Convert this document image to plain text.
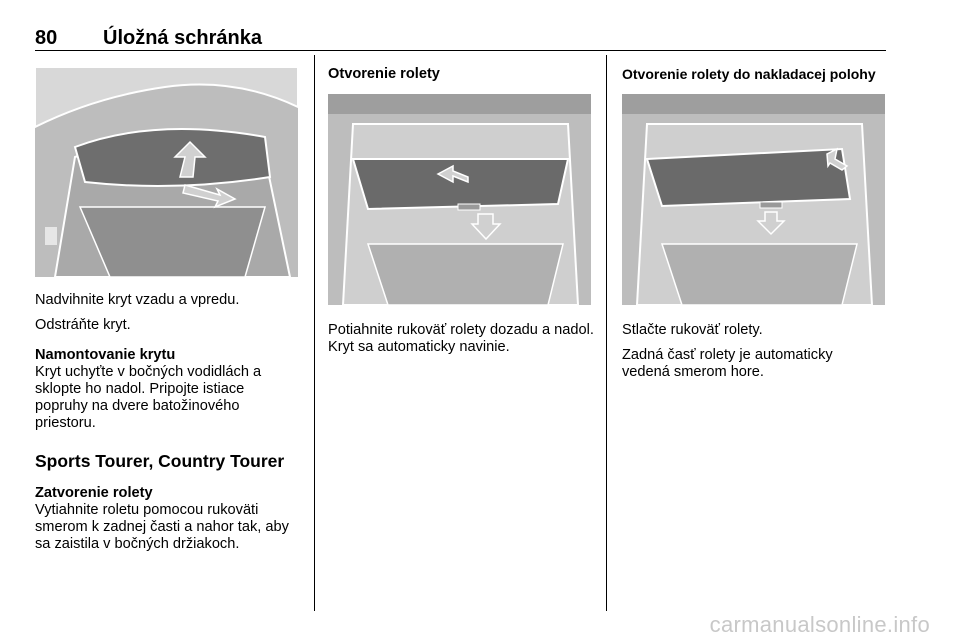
80 Úložná schránka
Nadvihnite kryt vzadu a vpredu.
Odstráňte kryt.
Namontovanie krytu
Kryt uchyťte v bočných vodidlách a sklopte ho nadol. Pripojte istiace popruhy na dvere batožinového priestoru.
Sports Tourer, Country Tourer
Zatvorenie rolety
Vytiahnite roletu pomocou rukoväti smerom k zadnej časti a nahor tak, aby sa zaistila v bočných držiakoch.
Otvorenie rolety
Potiahnite rukoväť rolety dozadu a nadol. Kryt sa automaticky navinie.
Otvorenie rolety do nakladacej polohy
Stlačte rukoväť rolety.
Zadná časť rolety je automaticky vedená smerom hore.
carmanualsonline.info
